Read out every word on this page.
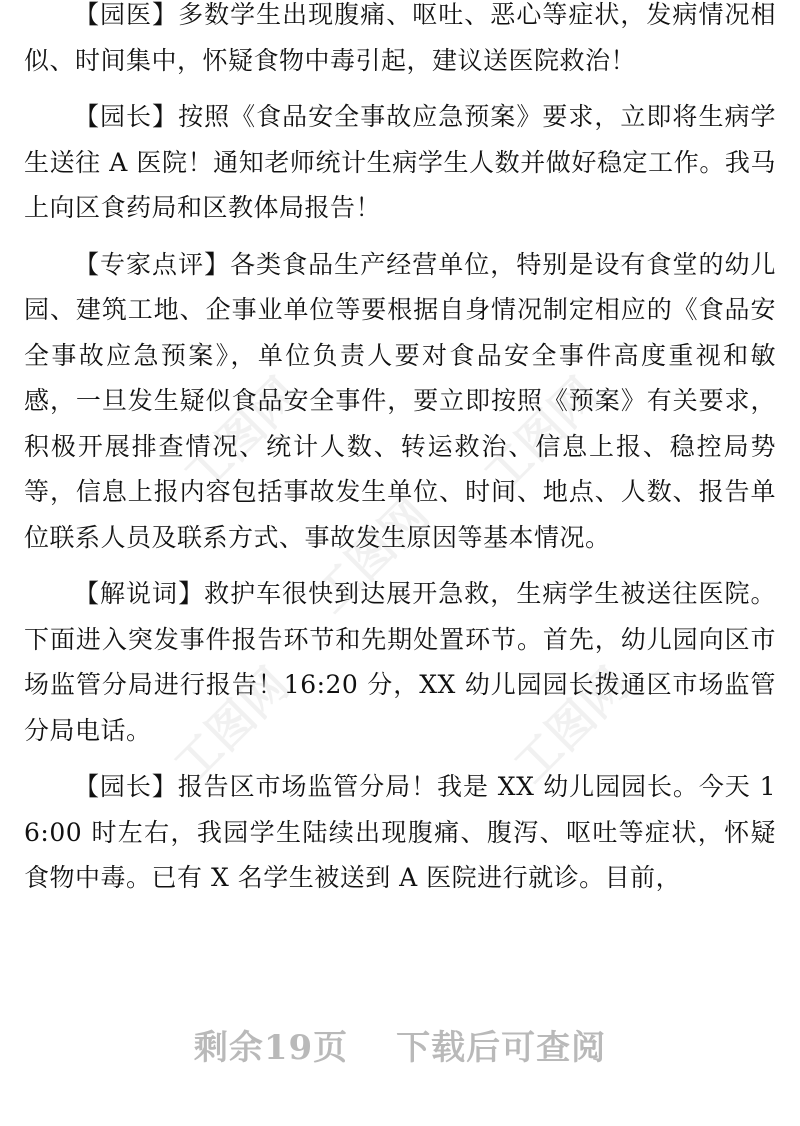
工图网	工图网
工图网
工图网	工图网

【园医】多数学生出现腹痛、呕吐、恶心等症状，发病情况相似、时间集中，怀疑食物中毒引起，建议送医院救治！

【园长】按照《食品安全事故应急预案》要求，立即将生病学生送往 A 医院！通知老师统计生病学生人数并做好稳定工作。我马上向区食药局和区教体局报告！

【专家点评】各类食品生产经营单位，特别是设有食堂的幼儿园、建筑工地、企事业单位等要根据自身情况制定相应的《食品安全事故应急预案》，单位负责人要对食品安全事件高度重视和敏感，一旦发生疑似食品安全事件，要立即按照《预案》有关要求，积极开展排查情况、统计人数、转运救治、信息上报、稳控局势等，信息上报内容包括事故发生单位、时间、地点、人数、报告单位联系人员及联系方式、事故发生原因等基本情况。

【解说词】救护车很快到达展开急救，生病学生被送往医院。下面进入突发事件报告环节和先期处置环节。首先，幼儿园向区市场监管分局进行报告！16:20 分，XX 幼儿园园长拨通区市场监管分局电话。

【园长】报告区市场监管分局！我是 XX 幼儿园园长。今天 16:00 时左右，我园学生陆续出现腹痛、腹泻、呕吐等症状，怀疑食物中毒。已有 X 名学生被送到 A 医院进行就诊。目前，

剩余19页 下载后可查阅
